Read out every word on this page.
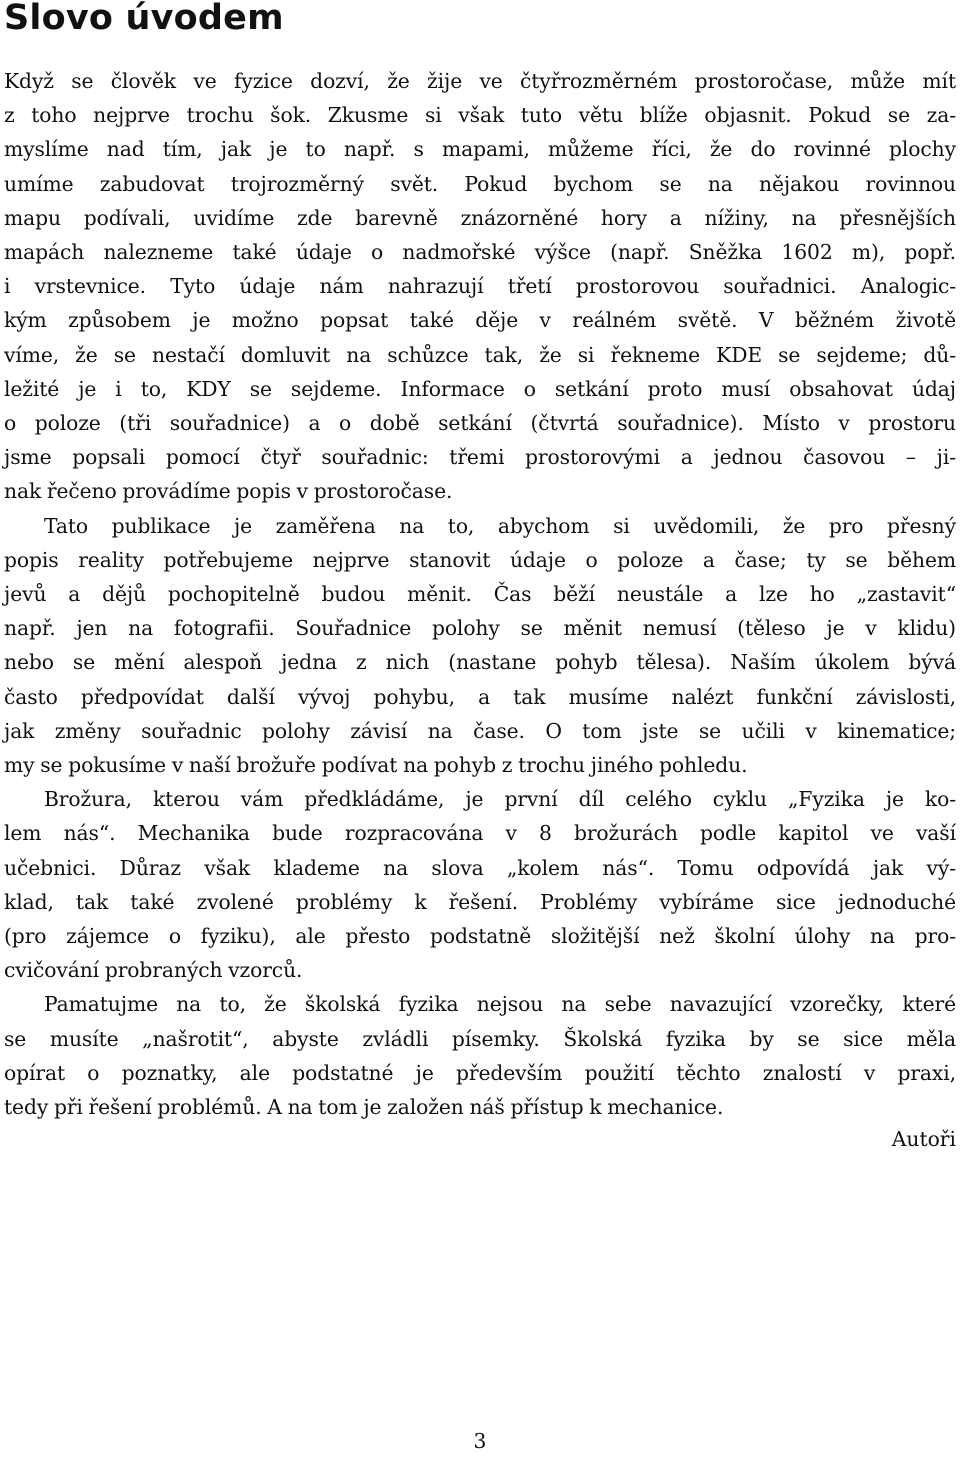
Slovo úvodem
Když se člověk ve fyzice dozví, že žije ve čtyřrozměrném prostoročase, může mít
z toho nejprve trochu šok. Zkusme si však tuto větu blíže objasnit. Pokud se za-
myslíme nad tím, jak je to např. s mapami, můžeme říci, že do rovinné plochy
umíme zabudovat trojrozměrný svět. Pokud bychom se na nějakou rovinnou
mapu podívali, uvidíme zde barevně znázorněné hory a nížiny, na přesnějších
mapách nalezneme také údaje o nadmořské výšce (např. Sněžka 1602 m), popř.
i vrstevnice. Tyto údaje nám nahrazují třetí prostorovou souřadnici. Analogic-
kým způsobem je možno popsat také děje v reálném světě. V běžném životě
víme, že se nestačí domluvit na schůzce tak, že si řekneme KDE se sejdeme; dů-
ležité je i to, KDY se sejdeme. Informace o setkání proto musí obsahovat údaj
o poloze (tři souřadnice) a o době setkání (čtvrtá souřadnice). Místo v prostoru
jsme popsali pomocí čtyř souřadnic: třemi prostorovými a jednou časovou – ji-
nak řečeno provádíme popis v prostoročase.
Tato publikace je zaměřena na to, abychom si uvědomili, že pro přesný
popis reality potřebujeme nejprve stanovit údaje o poloze a čase; ty se během
jevů a dějů pochopitelně budou měnit. Čas běží neustále a lze ho „zastavit“
např. jen na fotografii. Souřadnice polohy se měnit nemusí (těleso je v klidu)
nebo se mění alespoň jedna z nich (nastane pohyb tělesa). Naším úkolem bývá
často předpovídat další vývoj pohybu, a tak musíme nalézt funkční závislosti,
jak změny souřadnic polohy závisí na čase. O tom jste se učili v kinematice;
my se pokusíme v naší brožuře podívat na pohyb z trochu jiného pohledu.
Brožura, kterou vám předkládáme, je první díl celého cyklu „Fyzika je ko-
lem nás“. Mechanika bude rozpracována v 8 brožurách podle kapitol ve vaší
učebnici. Důraz však klademe na slova „kolem nás“. Tomu odpovídá jak vý-
klad, tak také zvolené problémy k řešení. Problémy vybíráme sice jednoduché
(pro zájemce o fyziku), ale přesto podstatně složitější než školní úlohy na pro-
cvičování probraných vzorců.
Pamatujme na to, že školská fyzika nejsou na sebe navazující vzorečky, které
se musíte „našrotit“, abyste zvládli písemky. Školská fyzika by se sice měla
opírat o poznatky, ale podstatné je především použití těchto znalostí v praxi,
tedy při řešení problémů. A na tom je založen náš přístup k mechanice.
Autoři
3
